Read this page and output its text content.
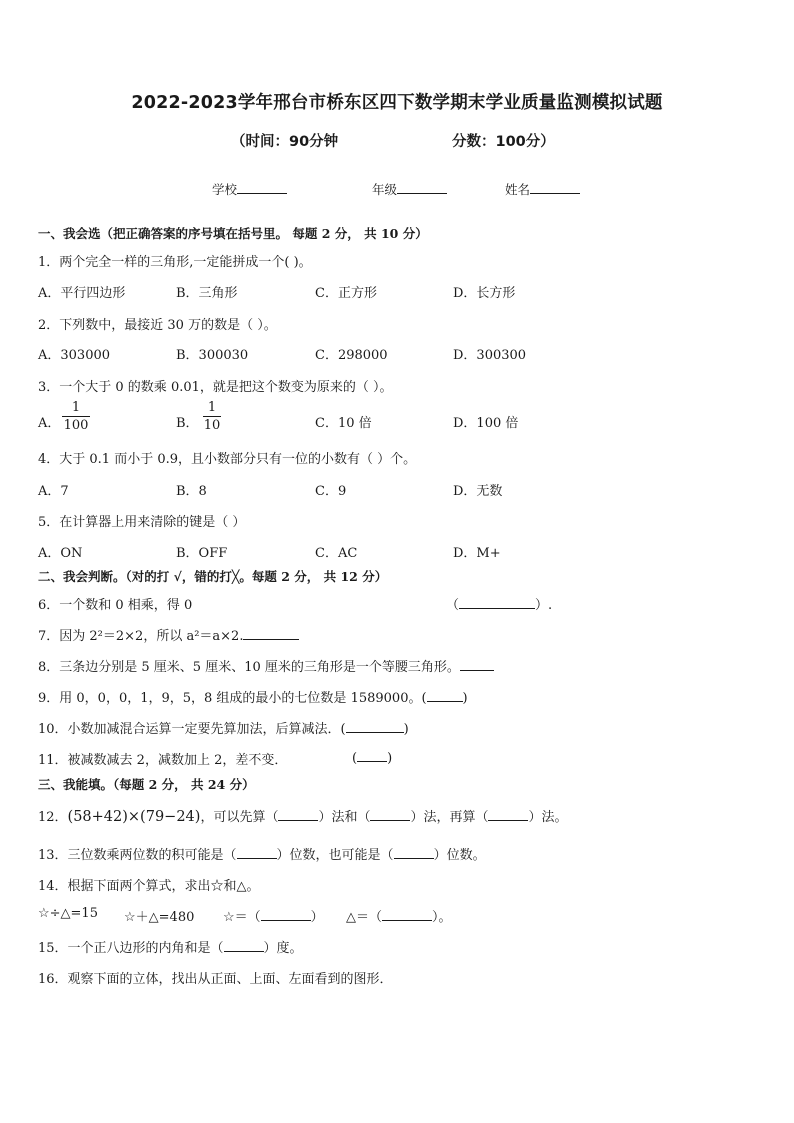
2022-2023学年邢台市桥东区四下数学期末学业质量监测模拟试题
（时间：90分钟	分数：100分）
学校	年级	姓名
一、我会选（把正确答案的序号填在括号里。 每题 2 分， 共 10 分）
1．两个完全一样的三角形,一定能拼成一个( )。
A．平行四边形	B．三角形	C．正方形	D．长方形
2．下列数中，最接近 30 万的数是（ ）。
A．303000	B．300030	C．298000	D．300300
3．一个大于 0 的数乘 0.01，就是把这个数变为原来的（ ）。
A．
1
100	B．
1
10	C．10 倍	D．100 倍
4．大于 0.1 而小于 0.9，且小数部分只有一位的小数有（ ）个。
A．7	B．8	C．9	D．无数
5．在计算器上用来清除的键是（ ）
A．ON	B．OFF	C．AC	D．M+
二、我会判断。（对的打 √，错的打╳。每题 2 分， 共 12 分）
6．一个数和 0 相乘，得 0	（	）.
7．因为 2²＝2×2，所以 a²＝a×2.
8．三条边分别是 5 厘米、5 厘米、10 厘米的三角形是一个等腰三角形。
9．用 0，0，0，1，9，5，8 组成的最小的七位数是 1589000。(	)
10．小数加减混合运算一定要先算加法，后算减法．(	)
11．被减数减去 2，减数加上 2，差不变．	( )
三、我能填。（每题 2 分， 共 24 分）
12．(58+42)×(79−24)，可以先算（	）法和（	）法，再算（	）法。
13．三位数乘两位数的积可能是（	）位数，也可能是（	）位数。
14．根据下面两个算式，求出☆和△。
☆÷△=15 ☆＋△=480 ☆＝（	） △＝（	）。
15．一个正八边形的内角和是（	）度。
16．观察下面的立体，找出从正面、上面、左面看到的图形．
